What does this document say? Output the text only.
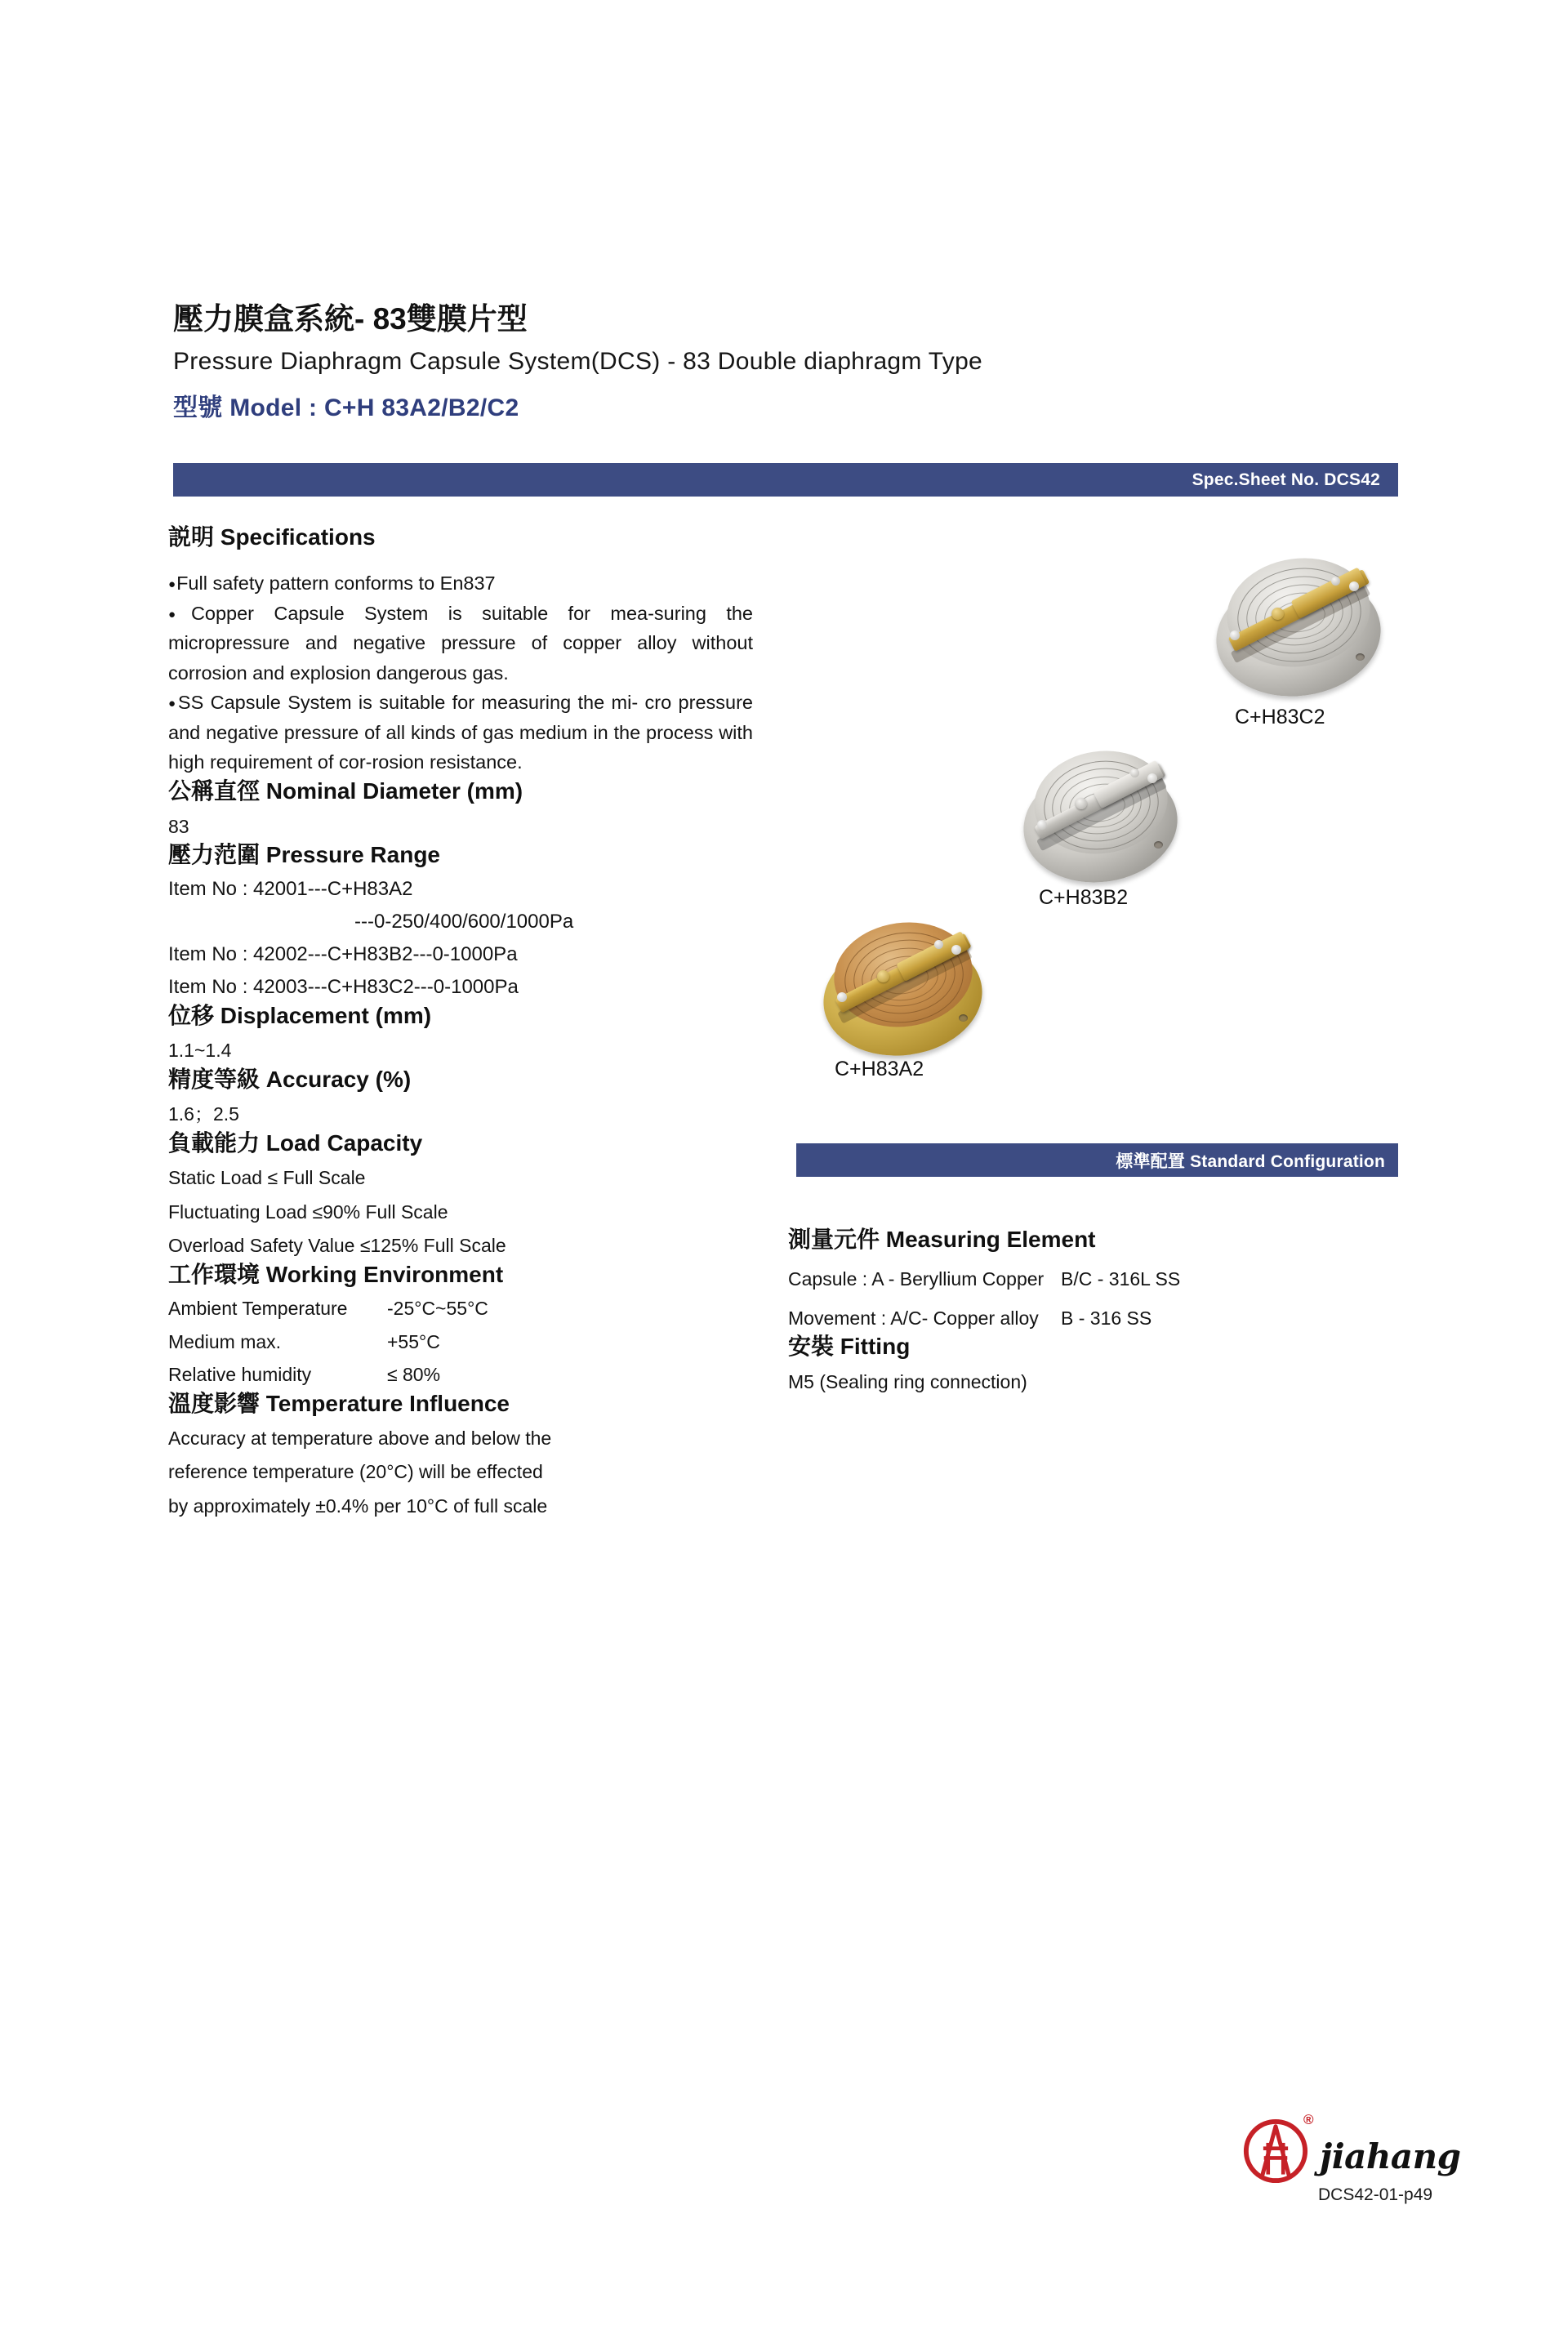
壓力膜盒系統- 83雙膜片型
Pressure Diaphragm Capsule System(DCS) - 83 Double diaphragm Type
型號 Model : C+H 83A2/B2/C2
Spec.Sheet No. DCS42
説明 Specifications

● Full safety pattern conforms to En837

● Copper Capsule System is suitable for mea-suring the micropressure and negative pressure of copper alloy without corrosion and explosion dangerous gas.

● SS Capsule System is suitable for measuring the mi- cro pressure and negative pressure of all kinds of gas medium in the process with high requirement of cor-rosion resistance.

公稱直徑 Nominal Diameter (mm)
83
壓力范圍 Pressure Range
Item No : 42001---C+H83A2
---0-250/400/600/1000Pa
Item No : 42002---C+H83B2---0-1000Pa
Item No : 42003---C+H83C2---0-1000Pa
位移 Displacement (mm)
1.1~1.4
精度等級 Accuracy (%)
1.6；2.5
負載能力 Load Capacity
Static Load ≤ Full Scale
Fluctuating Load ≤90% Full Scale
Overload Safety Value ≤125% Full Scale
工作環境 Working Environment
Ambient Temperature	-25°C~55°C
Medium max.	+55°C
Relative humidity	≤ 80%
溫度影響 Temperature Influence
Accuracy at temperature above and below the
reference temperature (20°C) will be effected
by approximately ±0.4% per 10°C of full scale
C+H83C2
C+H83B2
C+H83A2
標準配置 Standard Configuration
測量元件 Measuring Element
Capsule : A - Beryllium Copper B/C - 316L SS
Movement : A/C- Copper alloy B - 316 SS
安裝 Fitting
M5 (Sealing ring connection)
®
jiahang
DCS42-01-p49
